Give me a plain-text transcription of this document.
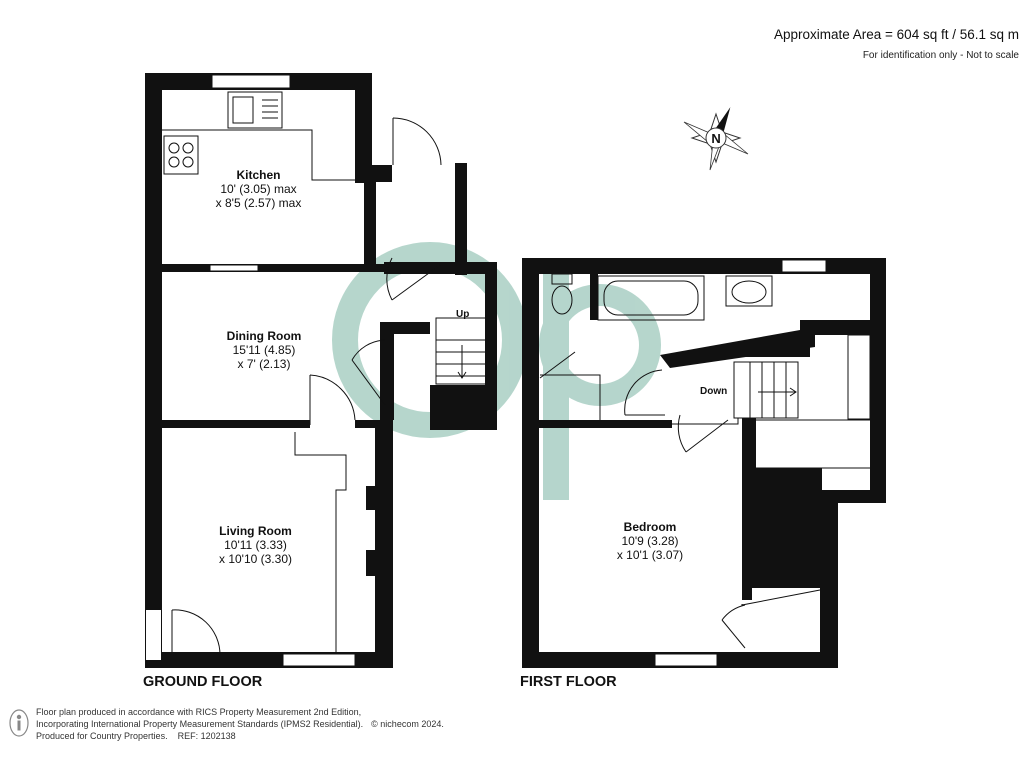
N
Approximate Area = 604 sq ft / 56.1 sq m
For identification only - Not to scale
Kitchen
10' (3.05) max
x 8'5 (2.57) max
Dining Room
15'11 (4.85)
x 7' (2.13)
Living Room
10'11 (3.33)
x 10'10 (3.30)
Up
Bedroom
10'9 (3.28)
x 10'1 (3.07)
Down
GROUND FLOOR	FIRST FLOOR
Floor plan produced in accordance with RICS Property Measurement 2nd Edition,
Incorporating International Property Measurement Standards (IPMS2 Residential). © nichecom 2024.
Produced for Country Properties. REF: 1202138
